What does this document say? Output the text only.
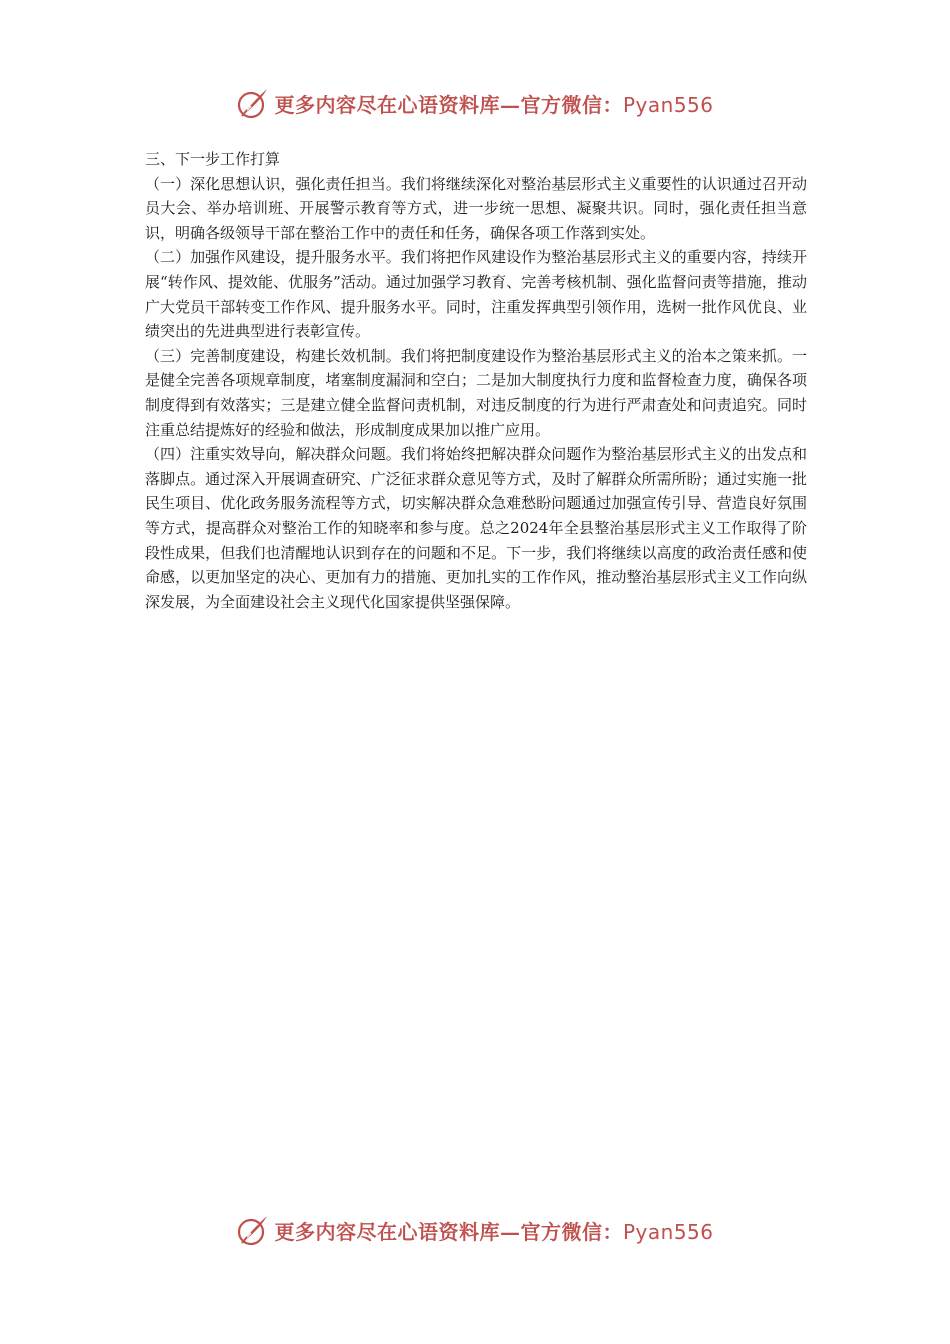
更多内容尽在心语资料库—官方微信：Pyan556

三、下一步工作打算

（一）深化思想认识，强化责任担当。我们将继续深化对整治基层形式主义重要性的认识通过召开动员大会、举办培训班、开展警示教育等方式，进一步统一思想、凝聚共识。同时，强化责任担当意识，明确各级领导干部在整治工作中的责任和任务，确保各项工作落到实处。

（二）加强作风建设，提升服务水平。我们将把作风建设作为整治基层形式主义的重要内容，持续开展“转作风、提效能、优服务”活动。通过加强学习教育、完善考核机制、强化监督问责等措施，推动广大党员干部转变工作作风、提升服务水平。同时，注重发挥典型引领作用，选树一批作风优良、业绩突出的先进典型进行表彰宣传。

（三）完善制度建设，构建长效机制。我们将把制度建设作为整治基层形式主义的治本之策来抓。一是健全完善各项规章制度，堵塞制度漏洞和空白；二是加大制度执行力度和监督检查力度，确保各项制度得到有效落实；三是建立健全监督问责机制，对违反制度的行为进行严肃查处和问责追究。同时注重总结提炼好的经验和做法，形成制度成果加以推广应用。

（四）注重实效导向，解决群众问题。我们将始终把解决群众问题作为整治基层形式主义的出发点和落脚点。通过深入开展调查研究、广泛征求群众意见等方式，及时了解群众所需所盼；通过实施一批民生项目、优化政务服务流程等方式，切实解决群众急难愁盼问题通过加强宣传引导、营造良好氛围等方式，提高群众对整治工作的知晓率和参与度。总之2024年全县整治基层形式主义工作取得了阶段性成果，但我们也清醒地认识到存在的问题和不足。下一步，我们将继续以高度的政治责任感和使命感，以更加坚定的决心、更加有力的措施、更加扎实的工作作风，推动整治基层形式主义工作向纵深发展，为全面建设社会主义现代化国家提供坚强保障。

更多内容尽在心语资料库—官方微信：Pyan556
